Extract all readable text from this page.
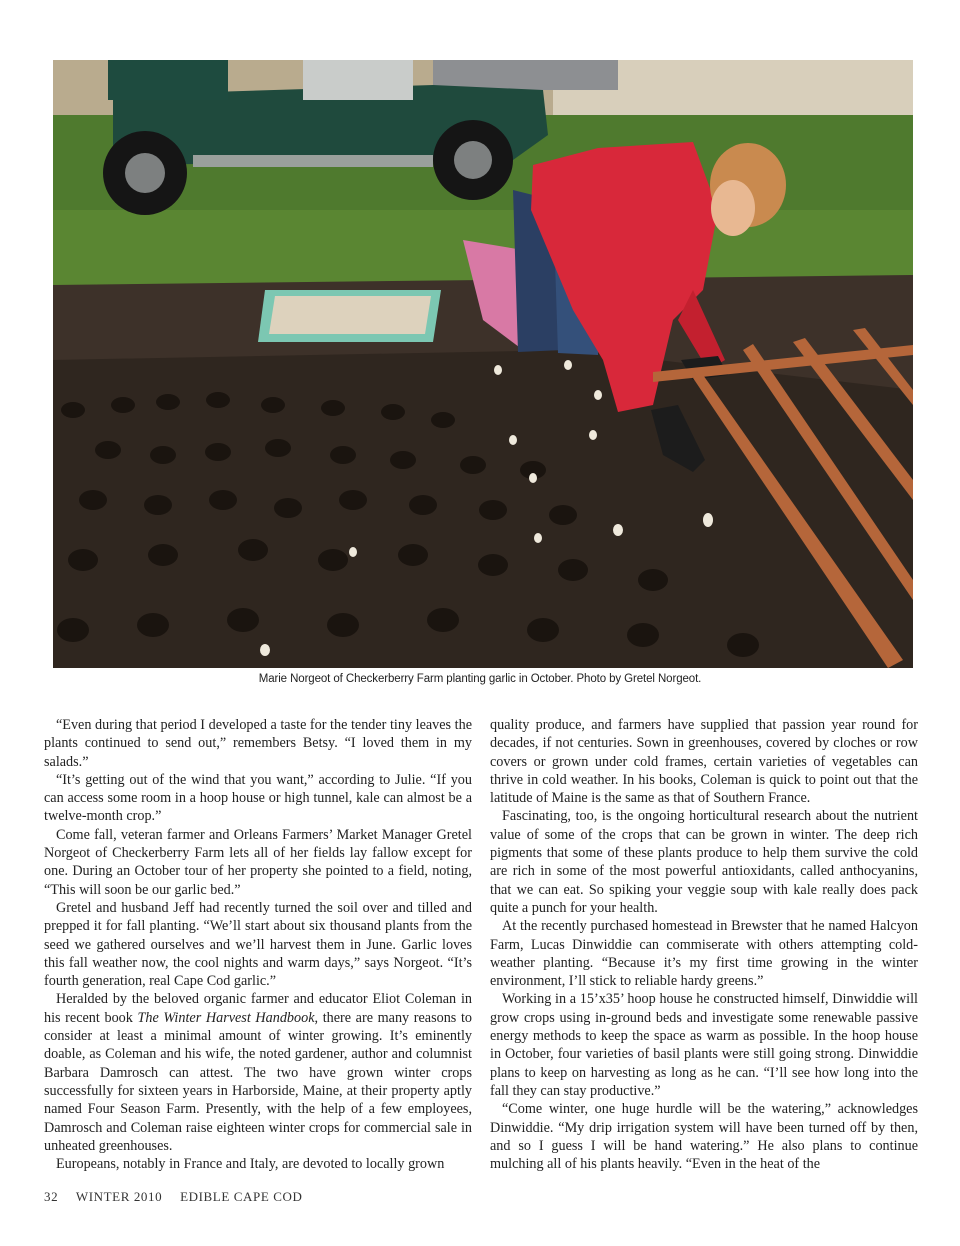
Marie Norgeot of Checkerberry Farm planting garlic in October. Photo by Gretel Norgeot.

“Even during that period I developed a taste for the tender tiny leaves the plants continued to send out,” remembers Betsy. “I loved them in my salads.”

“It’s getting out of the wind that you want,” according to Julie. “If you can access some room in a hoop house or high tunnel, kale can almost be a twelve-month crop.”

Come fall, veteran farmer and Orleans Farmers’ Market Manager Gretel Norgeot of Checkerberry Farm lets all of her fields lay fallow except for one. During an October tour of her property she pointed to a field, noting, “This will soon be our garlic bed.”

Gretel and husband Jeff had recently turned the soil over and tilled and prepped it for fall planting. “We’ll start about six thousand plants from the seed we gathered ourselves and we’ll harvest them in June. Garlic loves this fall weather now, the cool nights and warm days,” says Norgeot. “It’s fourth generation, real Cape Cod garlic.”

Heralded by the beloved organic farmer and educator Eliot Coleman in his recent book The Winter Harvest Handbook, there are many reasons to consider at least a minimal amount of winter growing. It’s eminently doable, as Coleman and his wife, the noted gardener, author and columnist Barbara Damrosch can attest. The two have grown winter crops successfully for sixteen years in Harborside, Maine, at their property aptly named Four Season Farm. Presently, with the help of a few employees, Damrosch and Coleman raise eighteen winter crops for commercial sale in unheated greenhouses.

Europeans, notably in France and Italy, are devoted to locally grown

quality produce, and farmers have supplied that passion year round for decades, if not centuries. Sown in greenhouses, covered by cloches or row covers or grown under cold frames, certain varieties of vegetables can thrive in cold weather. In his books, Coleman is quick to point out that the latitude of Maine is the same as that of Southern France.

Fascinating, too, is the ongoing horticultural research about the nutrient value of some of the crops that can be grown in winter. The deep rich pigments that some of these plants produce to help them survive the cold are rich in some of the most powerful antioxidants, called anthocyanins, that we can eat. So spiking your veggie soup with kale really does pack quite a punch for your health.

At the recently purchased homestead in Brewster that he named Halcyon Farm, Lucas Dinwiddie can commiserate with others attempting cold-weather planting. “Because it’s my first time growing in the winter environment, I’ll stick to reliable hardy greens.”

Working in a 15’x35’ hoop house he constructed himself, Dinwiddie will grow crops using in-ground beds and investigate some renewable passive energy methods to keep the space as warm as possible. In the hoop house in October, four varieties of basil plants were still going strong. Dinwiddie plans to keep on harvesting as long as he can. “I’ll see how long into the fall they can stay productive.”

“Come winter, one huge hurdle will be the watering,” acknowledges Dinwiddie. “My drip irrigation system will have been turned off by then, and so I guess I will be hand watering.” He also plans to continue mulching all of his plants heavily. “Even in the heat of the

32 WINTER 2010 EDIBLE CAPE COD
